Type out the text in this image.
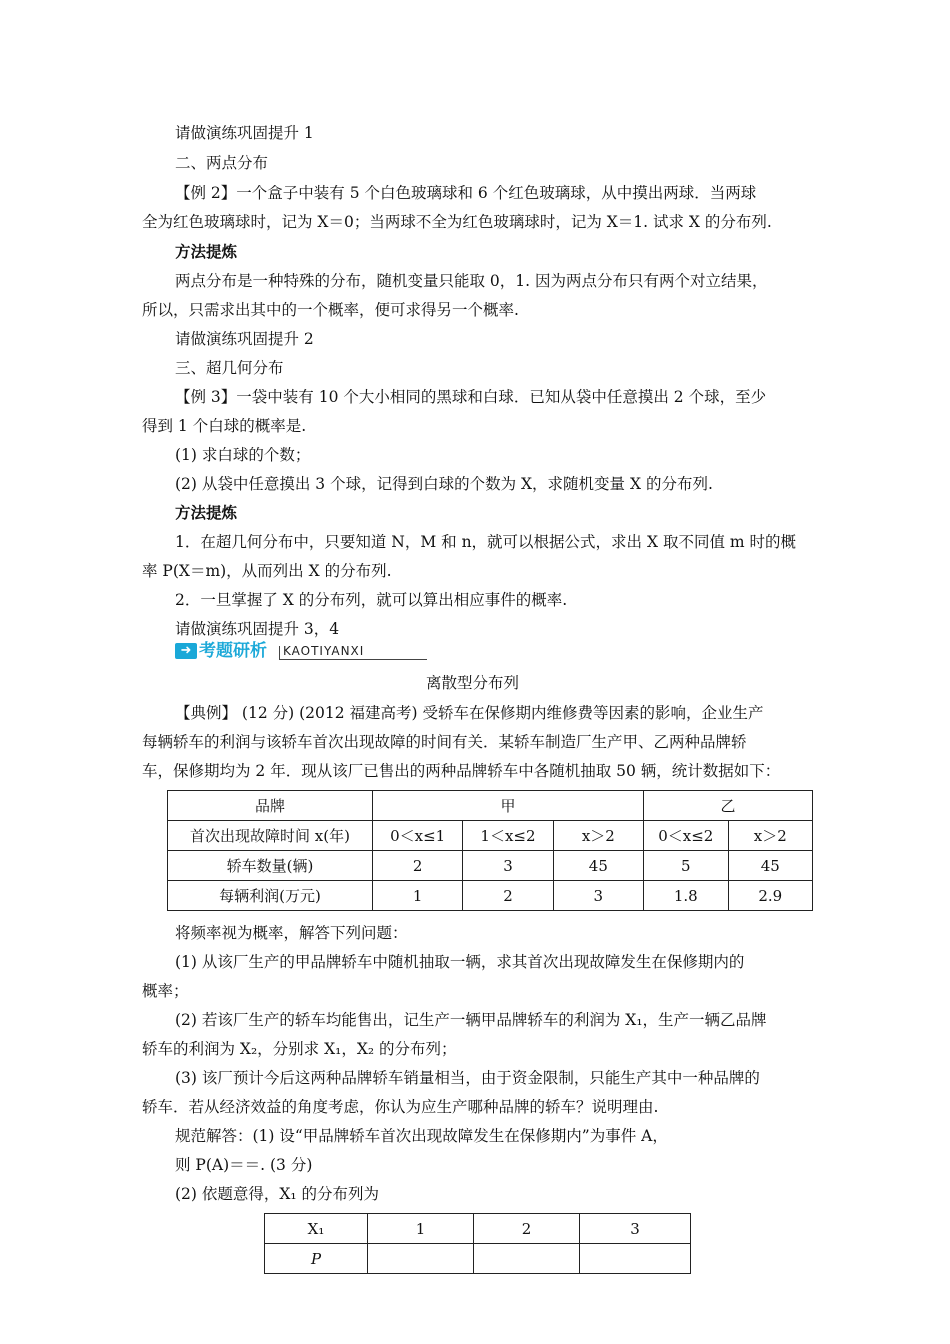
请做演练巩固提升 1
二、两点分布
【例 2】一个盒子中装有 5 个白色玻璃球和 6 个红色玻璃球，从中摸出两球．当两球
全为红色玻璃球时，记为 X＝0；当两球不全为红色玻璃球时，记为 X＝1. 试求 X 的分布列.
方法提炼
两点分布是一种特殊的分布，随机变量只能取 0，1. 因为两点分布只有两个对立结果，
所以，只需求出其中的一个概率，便可求得另一个概率.
请做演练巩固提升 2
三、超几何分布
【例 3】一袋中装有 10 个大小相同的黑球和白球．已知从袋中任意摸出 2 个球，至少
得到 1 个白球的概率是.
(1) 求白球的个数；
(2) 从袋中任意摸出 3 个球，记得到白球的个数为 X，求随机变量 X 的分布列.
方法提炼
1．在超几何分布中，只要知道 N，M 和 n，就可以根据公式，求出 X 取不同值 m 时的概
率 P(X＝m)，从而列出 X 的分布列.
2．一旦掌握了 X 的分布列，就可以算出相应事件的概率.
请做演练巩固提升 3，4
➜ 考题研析 KAOTIYANXI
离散型分布列
【典例】 (12 分) (2012 福建高考) 受轿车在保修期内维修费等因素的影响，企业生产
每辆轿车的利润与该轿车首次出现故障的时间有关．某轿车制造厂生产甲、乙两种品牌轿
车，保修期均为 2 年．现从该厂已售出的两种品牌轿车中各随机抽取 50 辆，统计数据如下：
品牌	甲			乙	
首次出现故障时间 x(年)	0＜x≤1	1＜x≤2	x＞2	0＜x≤2	x＞2
轿车数量(辆)	2	3	45	5	45
每辆利润(万元)	1	2	3	1.8	2.9
将频率视为概率，解答下列问题：
(1) 从该厂生产的甲品牌轿车中随机抽取一辆，求其首次出现故障发生在保修期内的
概率；
(2) 若该厂生产的轿车均能售出，记生产一辆甲品牌轿车的利润为 X₁，生产一辆乙品牌
轿车的利润为 X₂，分别求 X₁，X₂ 的分布列；
(3) 该厂预计今后这两种品牌轿车销量相当，由于资金限制，只能生产其中一种品牌的
轿车．若从经济效益的角度考虑，你认为应生产哪种品牌的轿车？说明理由.
规范解答：(1) 设“甲品牌轿车首次出现故障发生在保修期内”为事件 A，
则 P(A)＝＝. (3 分)
(2) 依题意得，X₁ 的分布列为
X₁	1	2	3
P			
